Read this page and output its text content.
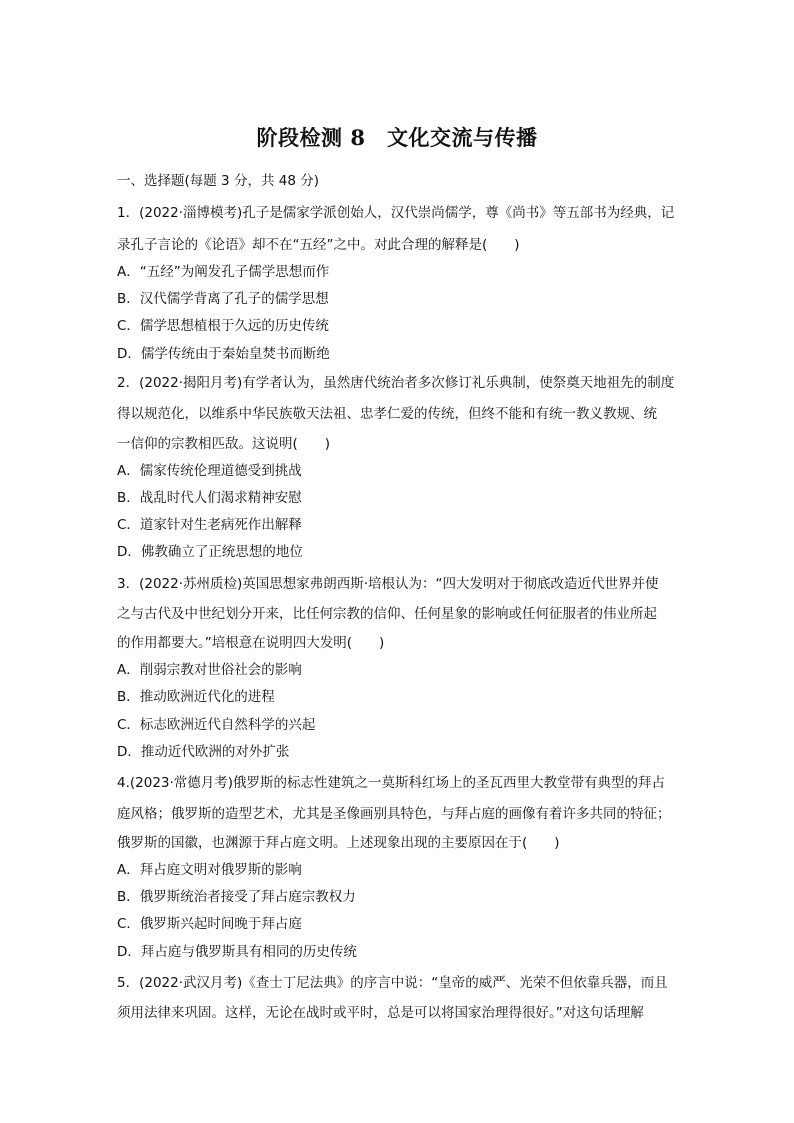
阶段检测 8　文化交流与传播
一、选择题(每题 3 分，共 48 分)
1．(2022·淄博模考)孔子是儒家学派创始人，汉代崇尚儒学，尊《尚书》等五部书为经典，记
录孔子言论的《论语》却不在“五经”之中。对此合理的解释是(　　)
A．“五经”为阐发孔子儒学思想而作
B．汉代儒学背离了孔子的儒学思想
C．儒学思想植根于久远的历史传统
D．儒学传统由于秦始皇焚书而断绝
2．(2022·揭阳月考)有学者认为，虽然唐代统治者多次修订礼乐典制，使祭奠天地祖先的制度
得以规范化，以维系中华民族敬天法祖、忠孝仁爱的传统，但终不能和有统一教义教规、统
一信仰的宗教相匹敌。这说明(　　)
A．儒家传统伦理道德受到挑战
B．战乱时代人们渴求精神安慰
C．道家针对生老病死作出解释
D．佛教确立了正统思想的地位
3．(2022·苏州质检)英国思想家弗朗西斯·培根认为：“四大发明对于彻底改造近代世界并使
之与古代及中世纪划分开来，比任何宗教的信仰、任何星象的影响或任何征服者的伟业所起
的作用都要大。”培根意在说明四大发明(　　)
A．削弱宗教对世俗社会的影响
B．推动欧洲近代化的进程
C．标志欧洲近代自然科学的兴起
D．推动近代欧洲的对外扩张
4.(2023·常德月考)俄罗斯的标志性建筑之一莫斯科红场上的圣瓦西里大教堂带有典型的拜占
庭风格；俄罗斯的造型艺术，尤其是圣像画别具特色，与拜占庭的画像有着许多共同的特征；
俄罗斯的国徽，也渊源于拜占庭文明。上述现象出现的主要原因在于(　　)
A．拜占庭文明对俄罗斯的影响
B．俄罗斯统治者接受了拜占庭宗教权力
C．俄罗斯兴起时间晚于拜占庭
D．拜占庭与俄罗斯具有相同的历史传统
5．(2022·武汉月考)《查士丁尼法典》的序言中说：“皇帝的威严、光荣不但依靠兵器，而且
须用法律来巩固。这样，无论在战时或平时，总是可以将国家治理得很好。”对这句话理解
